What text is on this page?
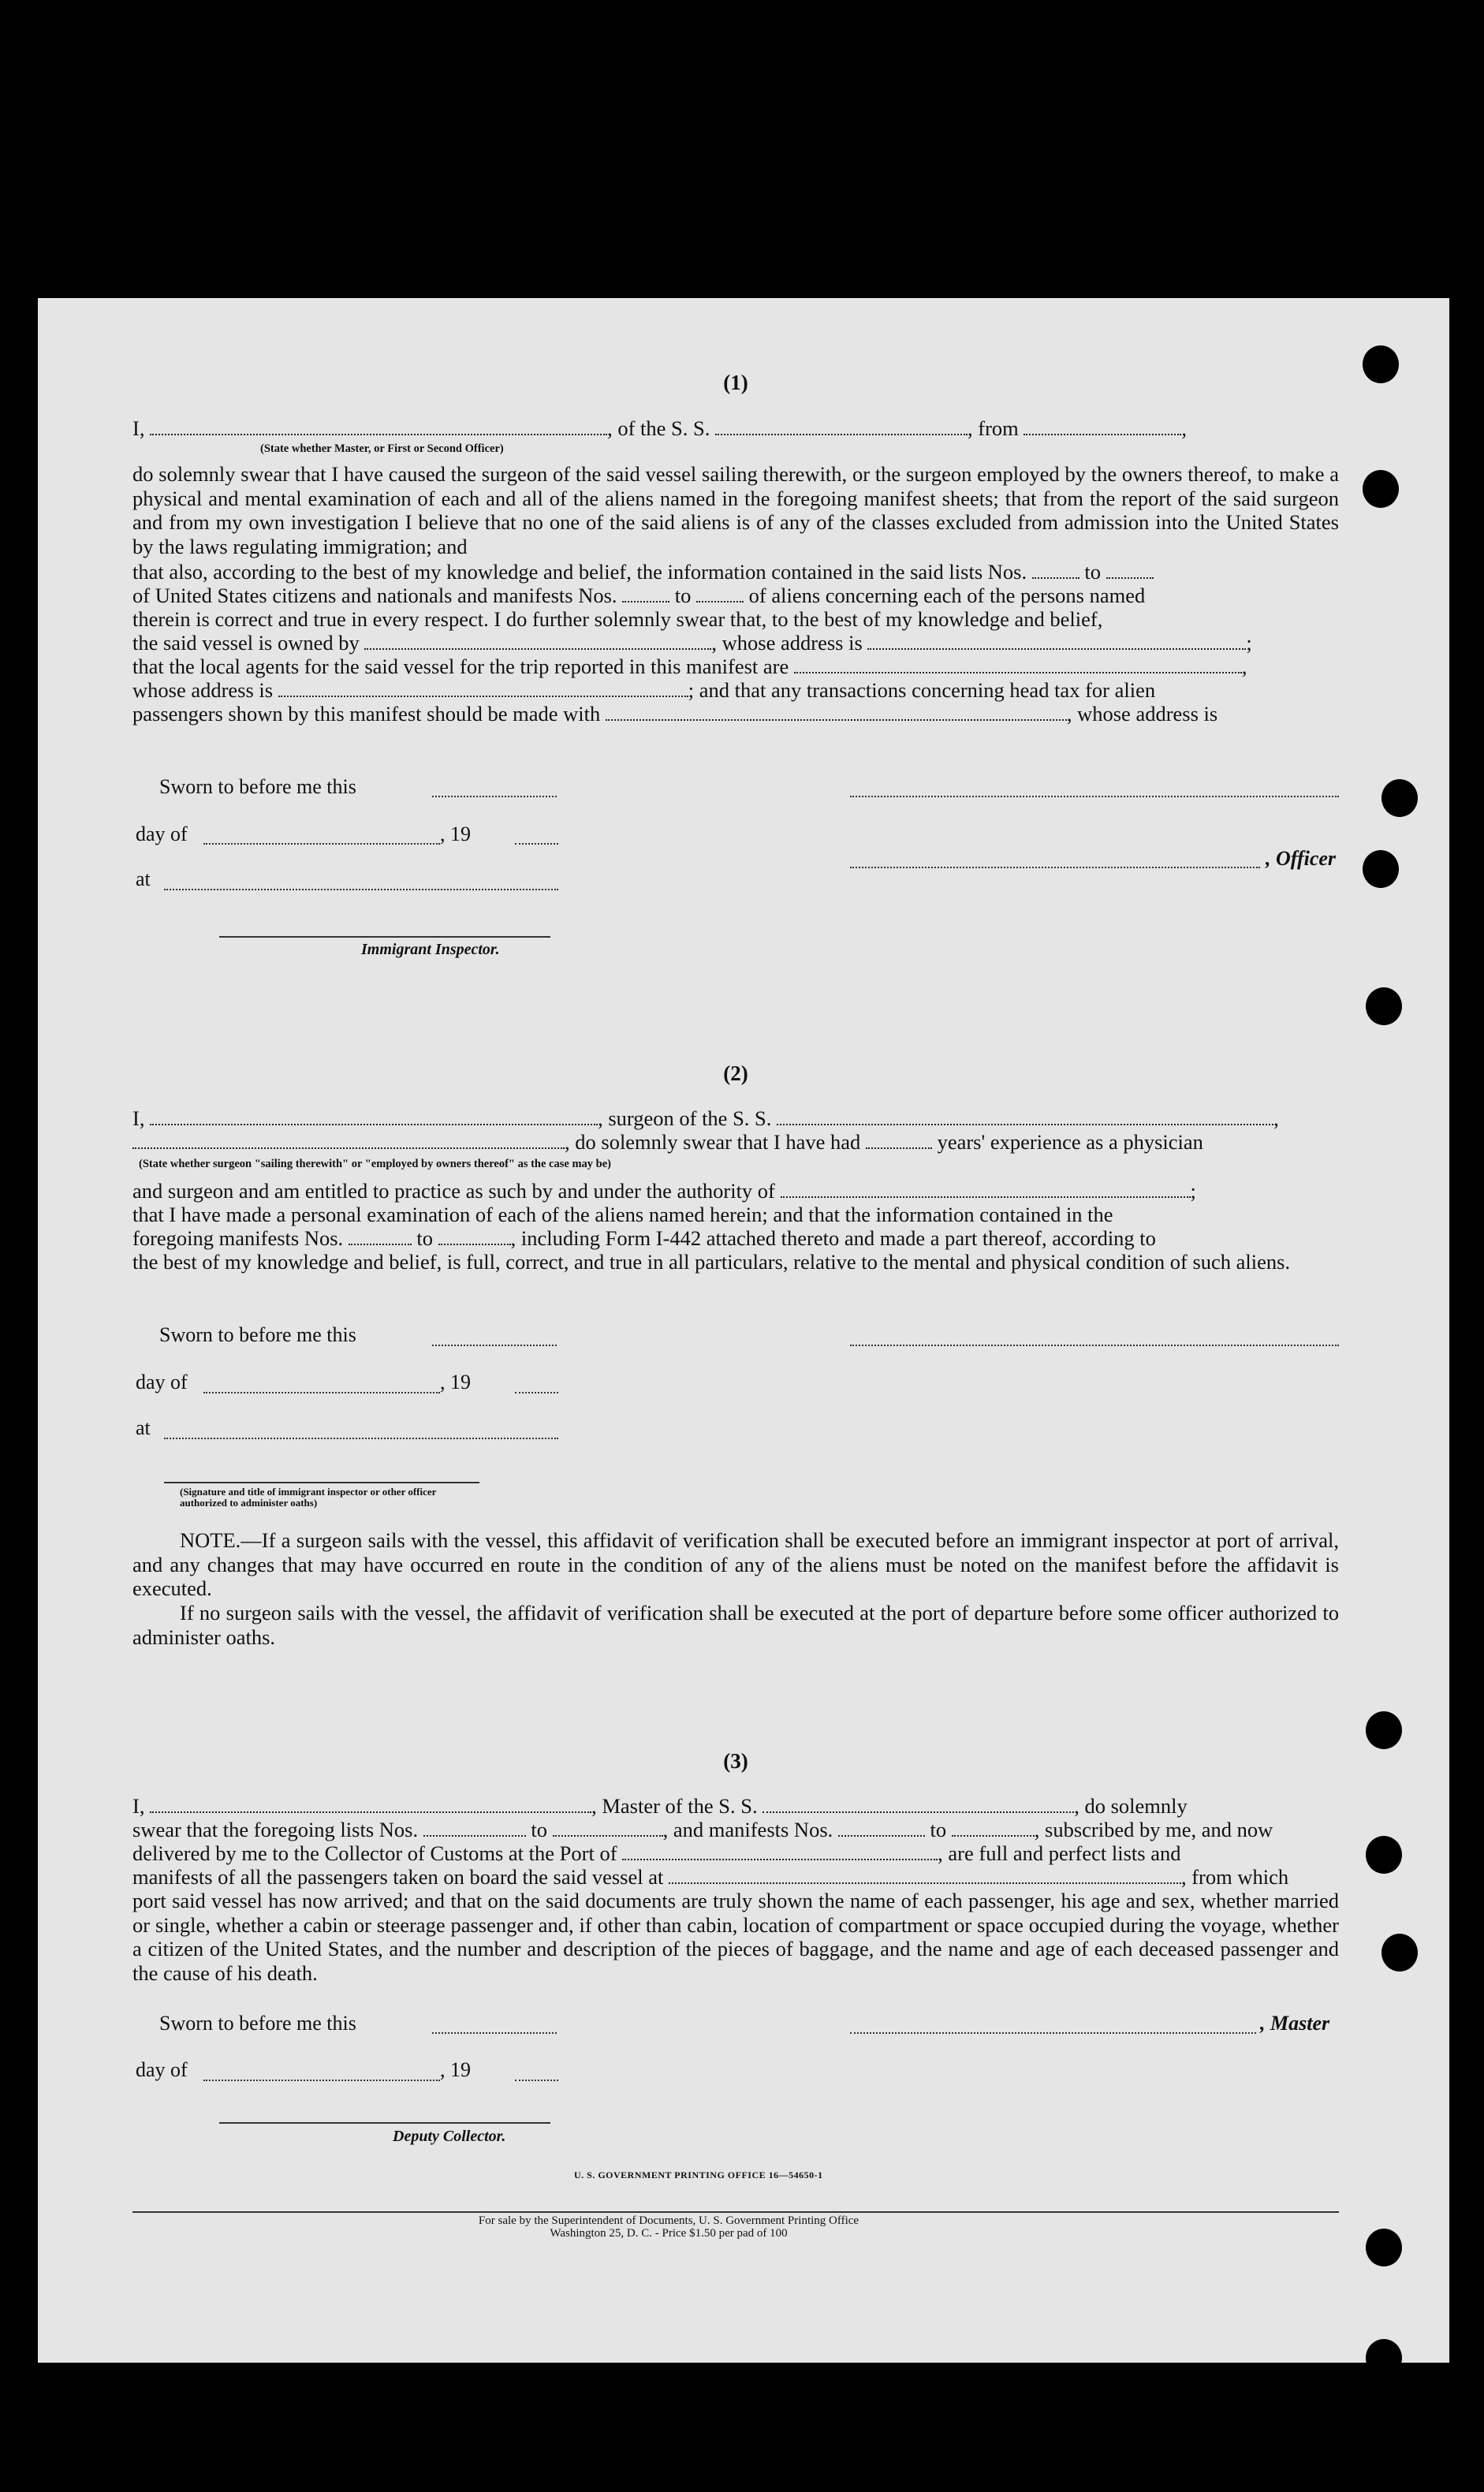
(1)
I,	, of the S. S.	, from	,
(State whether Master, or First or Second Officer)
do solemnly swear that I have caused the surgeon of the said vessel sailing therewith, or the surgeon employed by the owners thereof, to make a physical and mental examination of each and all of the aliens named in the foregoing manifest sheets; that from the report of the said surgeon and from my own investigation I believe that no one of the said aliens is of any of the classes excluded from admission into the United States by the laws regulating immigration; and
that also, according to the best of my knowledge and belief, the information contained in the said lists Nos.	to
of United States citizens and nationals and manifests Nos.	to	of aliens concerning each of the persons named
therein is correct and true in every respect. I do further solemnly swear that, to the best of my knowledge and belief,
the said vessel is owned by	, whose address is	;
that the local agents for the said vessel for the trip reported in this manifest are	,
whose address is	; and that any transactions concerning head tax for alien
passengers shown by this manifest should be made with	, whose address is
Sworn to before me this
day of	, 19
at
, Officer
Immigrant Inspector.
(2)
I,	, surgeon of the S. S.	,
, do solemnly swear that I have had	years' experience as a physician
(State whether surgeon "sailing therewith" or "employed by owners thereof" as the case may be)
and surgeon and am entitled to practice as such by and under the authority of	;
that I have made a personal examination of each of the aliens named herein; and that the information contained in the
foregoing manifests Nos.	to	, including Form I-442 attached thereto and made a part thereof, according to
the best of my knowledge and belief, is full, correct, and true in all particulars, relative to the mental and physical condition of such aliens.
Sworn to before me this
day of	, 19
at
(Signature and title of immigrant inspector or other officer authorized to administer oaths)
NOTE.—If a surgeon sails with the vessel, this affidavit of verification shall be executed before an immigrant inspector at port of arrival, and any changes that may have occurred en route in the condition of any of the aliens must be noted on the manifest before the affidavit is executed.
If no surgeon sails with the vessel, the affidavit of verification shall be executed at the port of departure before some officer authorized to administer oaths.
(3)
I,	, Master of the S. S.	, do solemnly
swear that the foregoing lists Nos.	to	, and manifests Nos.	to	, subscribed by me, and now
delivered by me to the Collector of Customs at the Port of	, are full and perfect lists and
manifests of all the passengers taken on board the said vessel at	, from which
port said vessel has now arrived; and that on the said documents are truly shown the name of each passenger, his age and sex, whether married or single, whether a cabin or steerage passenger and, if other than cabin, location of compartment or space occupied during the voyage, whether a citizen of the United States, and the number and description of the pieces of baggage, and the name and age of each deceased passenger and the cause of his death.
Sworn to before me this	, Master
day of	, 19
Deputy Collector.
U. S. GOVERNMENT PRINTING OFFICE 16—54650-1
For sale by the Superintendent of Documents, U. S. Government Printing Office
Washington 25, D. C. - Price $1.50 per pad of 100
